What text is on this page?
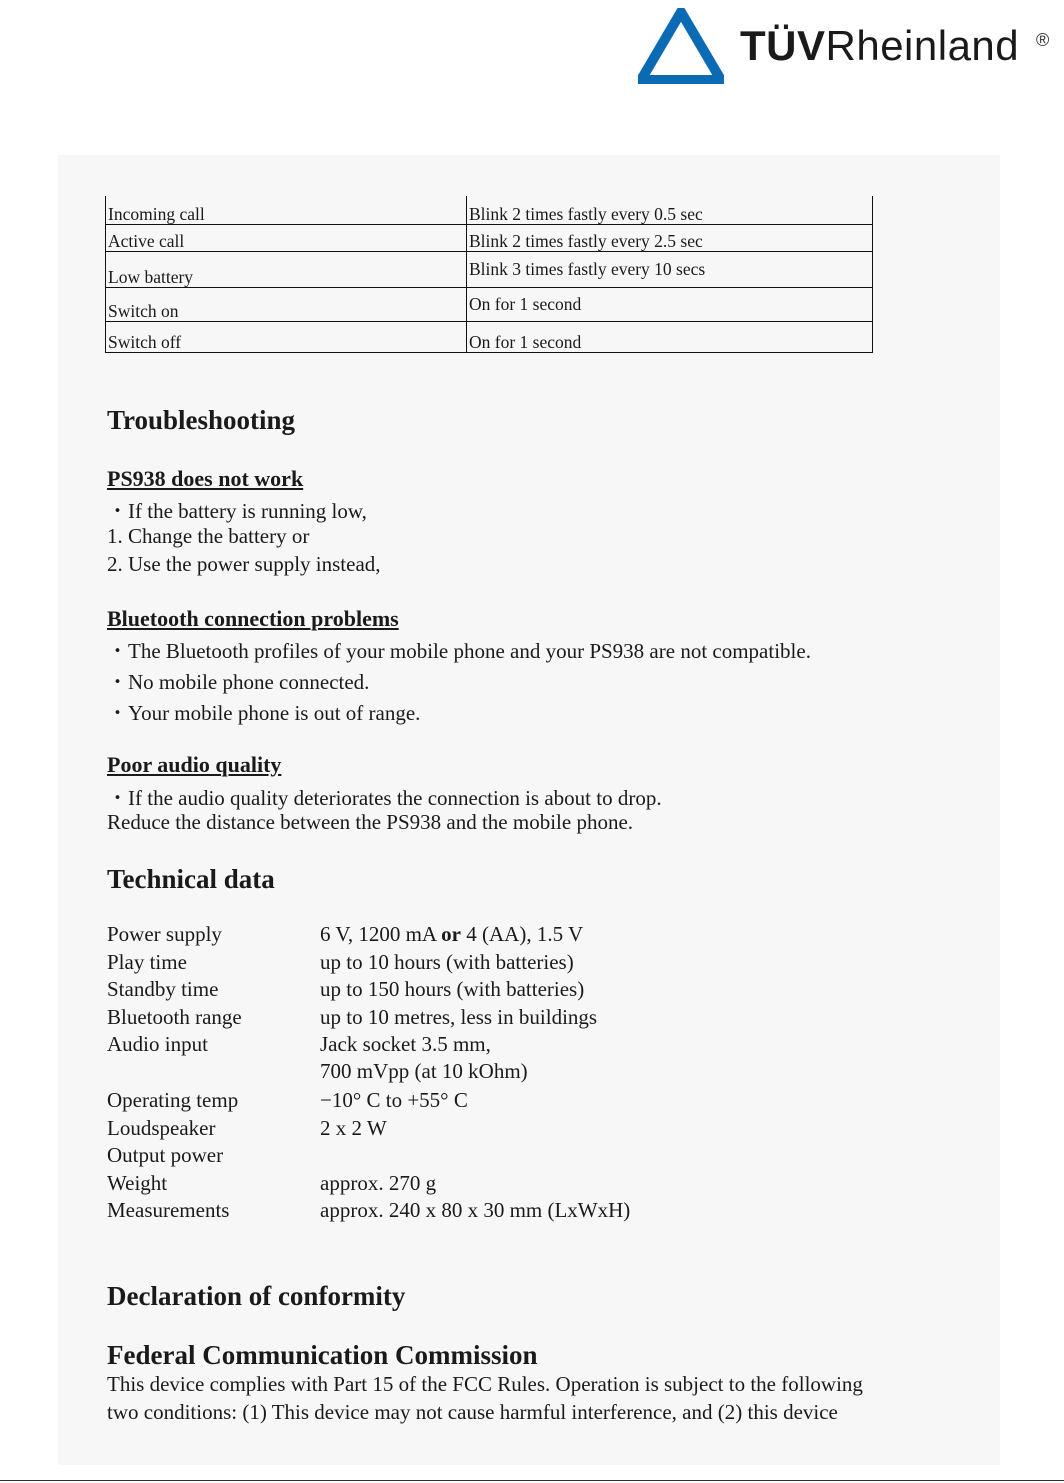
TÜVRheinland ®
Incoming call	Blink 2 times fastly every 0.5 sec
Active call	Blink 2 times fastly every 2.5 sec
Low battery	Blink 3 times fastly every 10 secs
Switch on	On for 1 second
Switch off	On for 1 second
Troubleshooting
PS938 does not work

・If the battery is running low,

1. Change the battery or

2. Use the power supply instead,

Bluetooth connection problems

・The Bluetooth profiles of your mobile phone and your PS938 are not compatible.

・No mobile phone connected.

・Your mobile phone is out of range.

Poor audio quality

・If the audio quality deteriorates the connection is about to drop.

Reduce the distance between the PS938 and the mobile phone.

Technical data
Power supply	6 V, 1200 mA or 4 (AA), 1.5 V
Play time	up to 10 hours (with batteries)
Standby time	up to 150 hours (with batteries)
Bluetooth range	up to 10 metres, less in buildings
Audio input	Jack socket 3.5 mm,
700 mVpp (at 10 kOhm)
Operating temp	−10° C to +55° C
Loudspeaker	2 x 2 W
Output power
Weight	approx. 270 g
Measurements	approx. 240 x 80 x 30 mm (LxWxH)
Declaration of conformity
Federal Communication Commission

This device complies with Part 15 of the FCC Rules. Operation is subject to the following

two conditions: (1) This device may not cause harmful interference, and (2) this device
